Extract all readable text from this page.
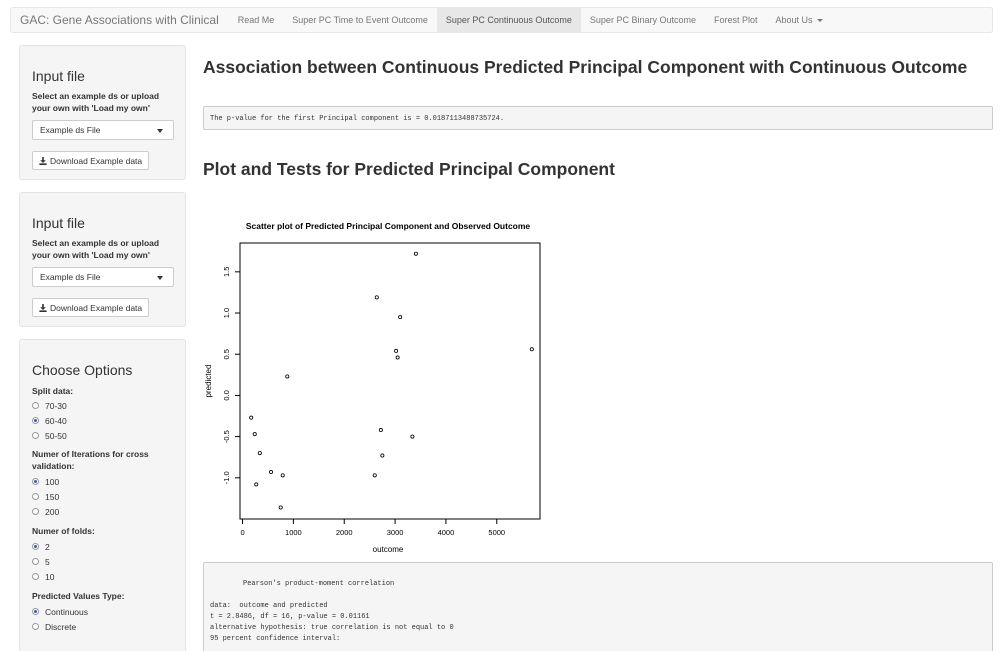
GAC: Gene Associations with Clinical	Read Me Super PC Time to Event Outcome Super PC Continuous Outcome Super PC Binary Outcome Forest Plot About Us
Input file
Select an example ds or upload your own with 'Load my own'
Example ds File
Download Example data
Input file
Select an example ds or upload your own with 'Load my own'
Example ds File
Download Example data
Choose Options
Split data:
70-30
60-40
50-50
Numer of Iterations for cross validation:
100
150
200
Numer of folds:
2
5
10
Predicted Values Type:
Continuous
Discrete
Association between Continuous Predicted Principal Component with Continuous Outcome
The p-value for the first Principal component is = 0.0187113488735724.
Plot and Tests for Predicted Principal Component
Scatter plot of Predicted Principal Component and Observed Outcome
0	1000	2000	3000	4000	5000
-1.0
-0.5
0.0
0.5
1.0
1.5
outcome
predicted
Pearson's product-moment correlation
data:  outcome and predicted
t = 2.8486, df = 16, p-value = 0.01161
alternative hypothesis: true correlation is not equal to 0
95 percent confidence interval:
